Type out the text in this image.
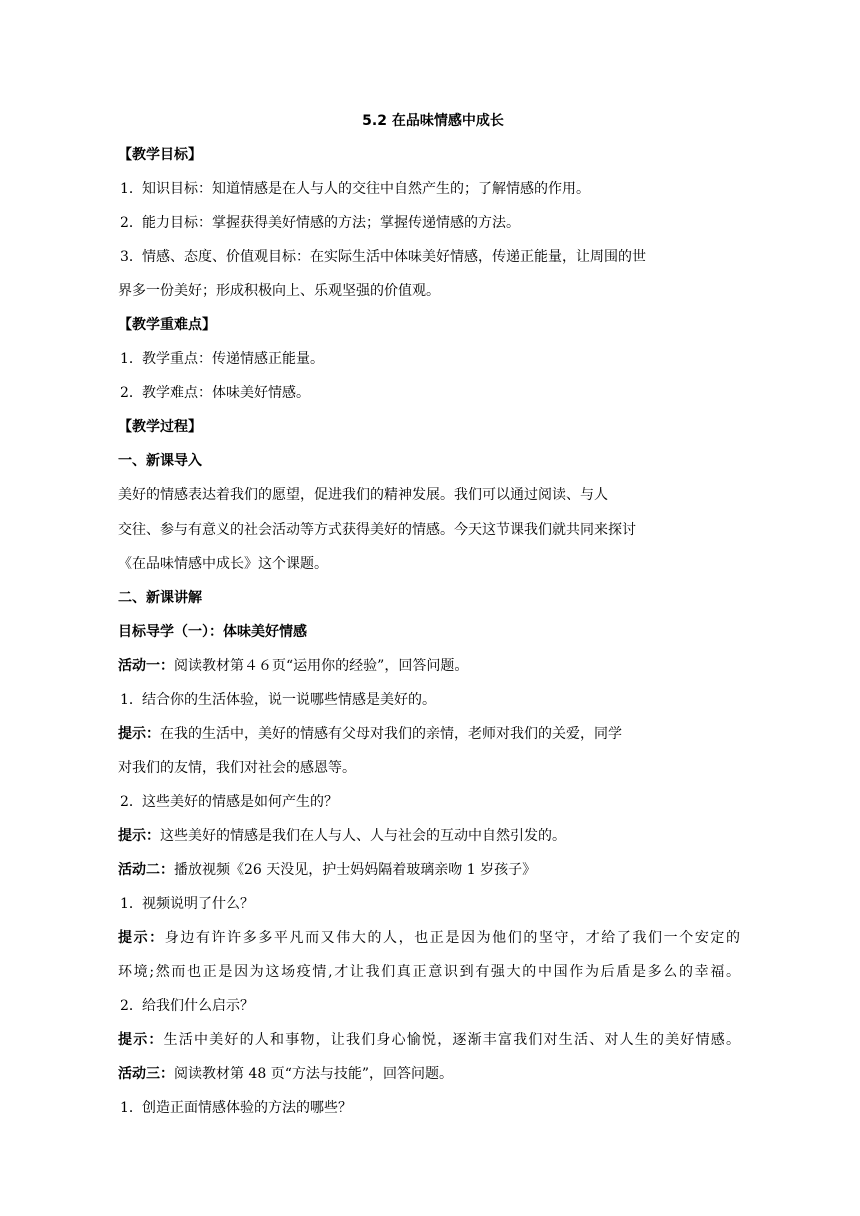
5.2 在品味情感中成长
【教学目标】
1．知识目标：知道情感是在人与人的交往中自然产生的；了解情感的作用。
2．能力目标：掌握获得美好情感的方法；掌握传递情感的方法。
3．情感、态度、价值观目标：在实际生活中体味美好情感，传递正能量，让周围的世
界多一份美好；形成积极向上、乐观坚强的价值观。
【教学重难点】
1．教学重点：传递情感正能量。
2．教学难点：体味美好情感。
【教学过程】
一、新课导入
美好的情感表达着我们的愿望，促进我们的精神发展。我们可以通过阅读、与人
交往、参与有意义的社会活动等方式获得美好的情感。今天这节课我们就共同来探讨
《在品味情感中成长》这个课题。
二、新课讲解
目标导学（一）：体味美好情感
活动一：阅读教材第４６页“运用你的经验”，回答问题。
1．结合你的生活体验，说一说哪些情感是美好的。
提示：在我的生活中，美好的情感有父母对我们的亲情，老师对我们的关爱，同学
对我们的友情，我们对社会的感恩等。
2．这些美好的情感是如何产生的？
提示：这些美好的情感是我们在人与人、人与社会的互动中自然引发的。
活动二：播放视频《26 天没见，护士妈妈隔着玻璃亲吻 1 岁孩子》
1．视频说明了什么？
提示：身边有许许多多平凡而又伟大的人，也正是因为他们的坚守，才给了我们一个安定的
环境;然而也正是因为这场疫情,才让我们真正意识到有强大的中国作为后盾是多么的幸福。
2．给我们什么启示？
提示：生活中美好的人和事物，让我们身心愉悦，逐渐丰富我们对生活、对人生的美好情感。
活动三：阅读教材第 48 页“方法与技能”，回答问题。
1．创造正面情感体验的方法的哪些？
